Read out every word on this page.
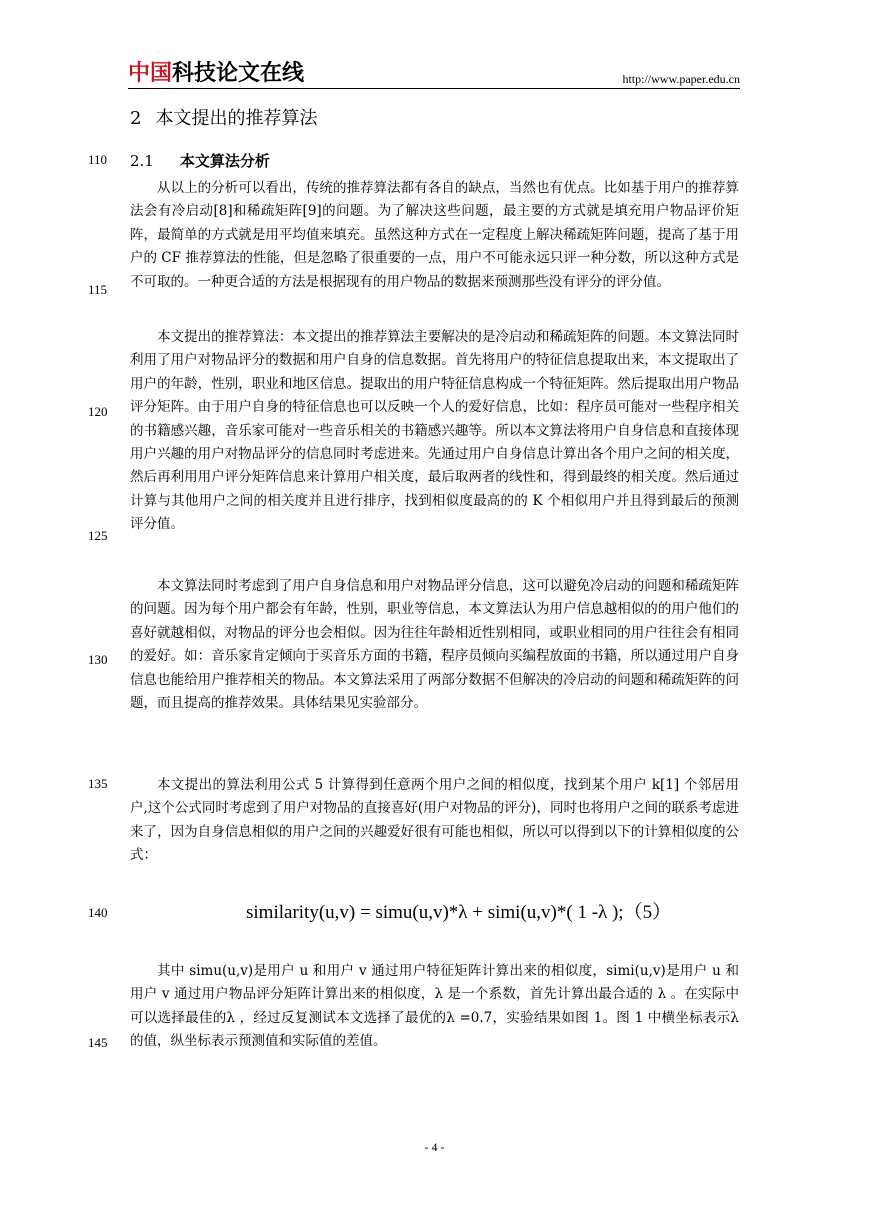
中国科技论文在线	http://www.paper.edu.cn
2 本文提出的推荐算法
2.1 本文算法分析
110
115
120
125
130
135
140
145

从以上的分析可以看出，传统的推荐算法都有各自的缺点，当然也有优点。比如基于用户的推荐算法会有冷启动[8]和稀疏矩阵[9]的问题。为了解决这些问题，最主要的方式就是填充用户物品评价矩阵，最简单的方式就是用平均值来填充。虽然这种方式在一定程度上解决稀疏矩阵问题，提高了基于用户的 CF 推荐算法的性能，但是忽略了很重要的一点，用户不可能永远只评一种分数，所以这种方式是不可取的。一种更合适的方法是根据现有的用户物品的数据来预测那些没有评分的评分值。

本文提出的推荐算法：本文提出的推荐算法主要解决的是冷启动和稀疏矩阵的问题。本文算法同时利用了用户对物品评分的数据和用户自身的信息数据。首先将用户的特征信息提取出来，本文提取出了用户的年龄，性别，职业和地区信息。提取出的用户特征信息构成一个特征矩阵。然后提取出用户物品评分矩阵。由于用户自身的特征信息也可以反映一个人的爱好信息，比如：程序员可能对一些程序相关的书籍感兴趣，音乐家可能对一些音乐相关的书籍感兴趣等。所以本文算法将用户自身信息和直接体现用户兴趣的用户对物品评分的信息同时考虑进来。先通过用户自身信息计算出各个用户之间的相关度，然后再利用用户评分矩阵信息来计算用户相关度，最后取两者的线性和，得到最终的相关度。然后通过计算与其他用户之间的相关度并且进行排序，找到相似度最高的的 K 个相似用户并且得到最后的预测评分值。

本文算法同时考虑到了用户自身信息和用户对物品评分信息，这可以避免冷启动的问题和稀疏矩阵的问题。因为每个用户都会有年龄，性别，职业等信息，本文算法认为用户信息越相似的的用户他们的喜好就越相似，对物品的评分也会相似。因为往往年龄相近性别相同，或职业相同的用户往往会有相同的爱好。如：音乐家肯定倾向于买音乐方面的书籍，程序员倾向买编程放面的书籍，所以通过用户自身信息也能给用户推荐相关的物品。本文算法采用了两部分数据不但解决的冷启动的问题和稀疏矩阵的问题，而且提高的推荐效果。具体结果见实验部分。

本文提出的算法利用公式 5 计算得到任意两个用户之间的相似度，找到某个用户 k[1] 个邻居用户,这个公式同时考虑到了用户对物品的直接喜好(用户对物品的评分)，同时也将用户之间的联系考虑进来了，因为自身信息相似的用户之间的兴趣爱好很有可能也相似，所以可以得到以下的计算相似度的公式：

similarity(u,v) = simu(u,v)*λ + simi(u,v)*( 1 -λ );（5）

其中 simu(u,v)是用户 u 和用户 v 通过用户特征矩阵计算出来的相似度，simi(u,v)是用户 u 和用户 v 通过用户物品评分矩阵计算出来的相似度，λ 是一个系数，首先计算出最合适的 λ 。在实际中可以选择最佳的λ ，经过反复测试本文选择了最优的λ =0.7，实验结果如图 1。图 1 中横坐标表示λ 的值，纵坐标表示预测值和实际值的差值。

- 4 -
